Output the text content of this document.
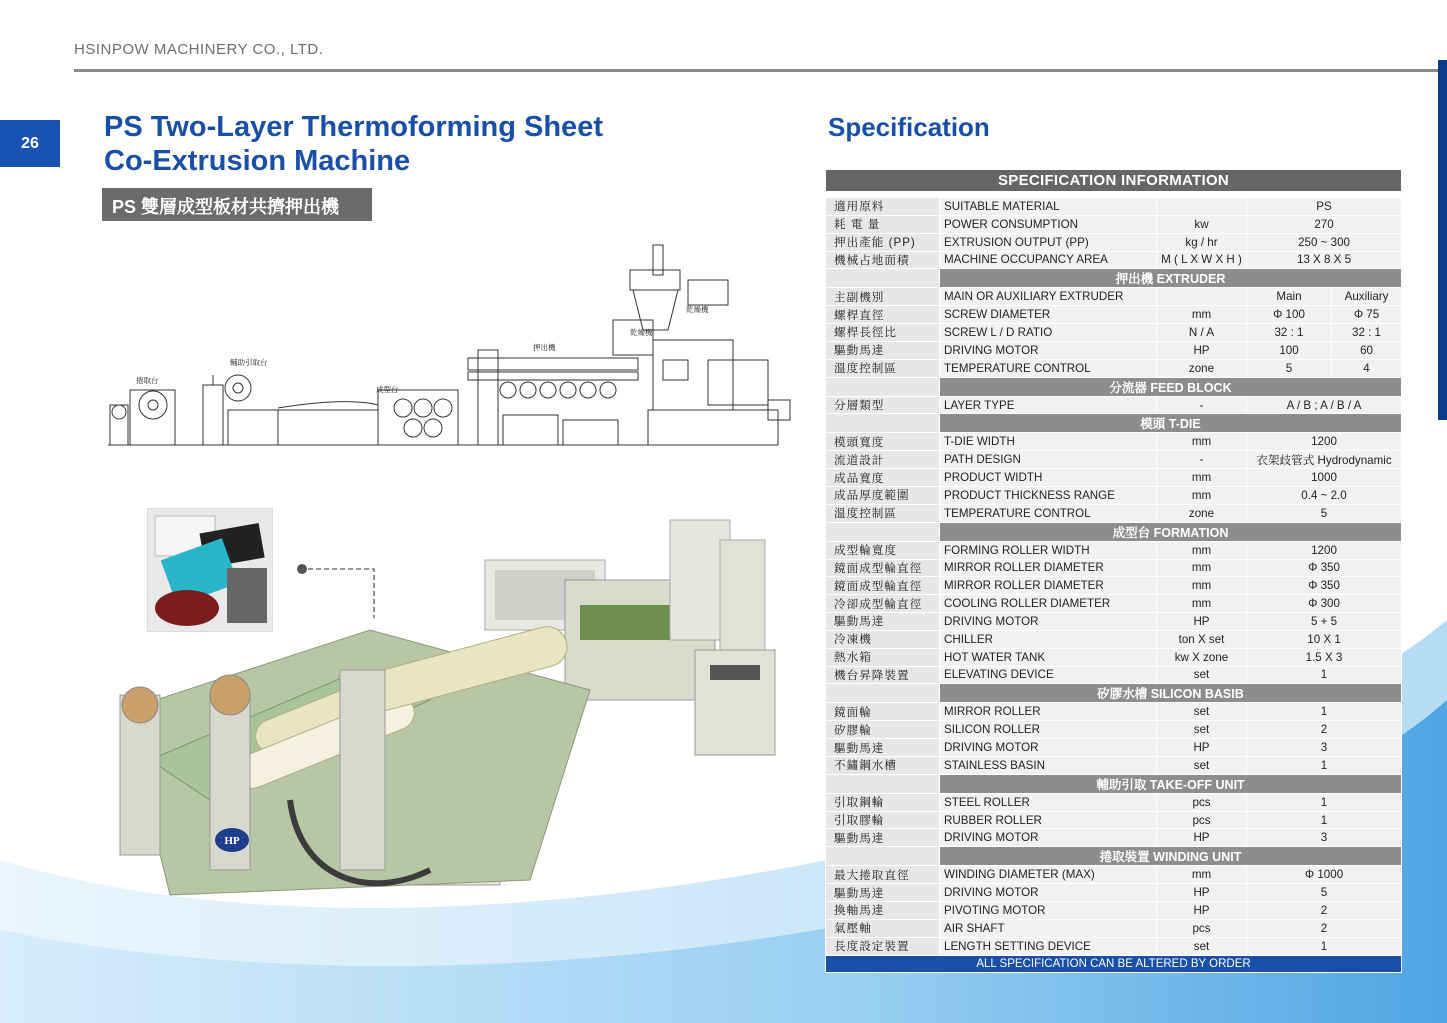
HSINPOW MACHINERY CO., LTD.
26	PS Two-Layer Thermoforming Sheet
Co-Extrusion Machine
PS 雙層成型板材共擠押出機
Specification
捲取台
輔助引取台
成型台
押出機
乾燥機
乾燥機
HP
SPECIFICATION INFORMATION				

適用原料	SUITABLE MATERIAL		PS	
耗 電 量	POWER CONSUMPTION	kw	270	
押出產能 (PP)	EXTRUSION OUTPUT (PP)	kg / hr	250 ~ 300	
機械占地面積	MACHINE OCCUPANCY AREA	M ( L X W X H )	13 X 8 X 5	
	押出機 EXTRUDER			
主副機別	MAIN OR AUXILIARY EXTRUDER		Main	Auxiliary
螺桿直徑	SCREW DIAMETER	mm	Φ 100	Φ 75
螺桿長徑比	SCREW L / D RATIO	N / A	32 : 1	32 : 1
驅動馬達	DRIVING MOTOR	HP	100	60
溫度控制區	TEMPERATURE CONTROL	zone	5	4
	分流器 FEED BLOCK			
分層類型	LAYER TYPE	-	A / B ; A / B / A	
	模頭 T-DIE			
模頭寬度	T-DIE WIDTH	mm	1200	
流道設計	PATH DESIGN	-	衣架歧管式 Hydrodynamic	
成品寬度	PRODUCT WIDTH	mm	1000	
成品厚度範圍	PRODUCT THICKNESS RANGE	mm	0.4 ~ 2.0	
溫度控制區	TEMPERATURE CONTROL	zone	5	
	成型台 FORMATION			
成型輪寬度	FORMING ROLLER WIDTH	mm	1200	
鏡面成型輪直徑	MIRROR ROLLER DIAMETER	mm	Φ 350	
鏡面成型輪直徑	MIRROR ROLLER DIAMETER	mm	Φ 350	
冷卻成型輪直徑	COOLING ROLLER DIAMETER	mm	Φ 300	
驅動馬達	DRIVING MOTOR	HP	5 + 5	
冷凍機	CHILLER	ton X set	10 X 1	
熱水箱	HOT WATER TANK	kw X zone	1.5 X 3	
機台昇降裝置	ELEVATING DEVICE	set	1	
	矽膠水槽 SILICON BASIB			
鏡面輪	MIRROR ROLLER	set	1	
矽膠輪	SILICON ROLLER	set	2	
驅動馬達	DRIVING MOTOR	HP	3	
不鏽鋼水槽	STAINLESS BASIN	set	1	
	輔助引取 TAKE-OFF UNIT			
引取鋼輪	STEEL ROLLER	pcs	1	
引取膠輪	RUBBER ROLLER	pcs	1	
驅動馬達	DRIVING MOTOR	HP	3	
	捲取裝置 WINDING UNIT			
最大捲取直徑	WINDING DIAMETER (MAX)	mm	Φ 1000	
驅動馬達	DRIVING MOTOR	HP	5	
換軸馬達	PIVOTING MOTOR	HP	2	
氣壓軸	AIR SHAFT	pcs	2	
長度設定裝置	LENGTH SETTING DEVICE	set	1	
ALL SPECIFICATION CAN BE ALTERED BY ORDER				
